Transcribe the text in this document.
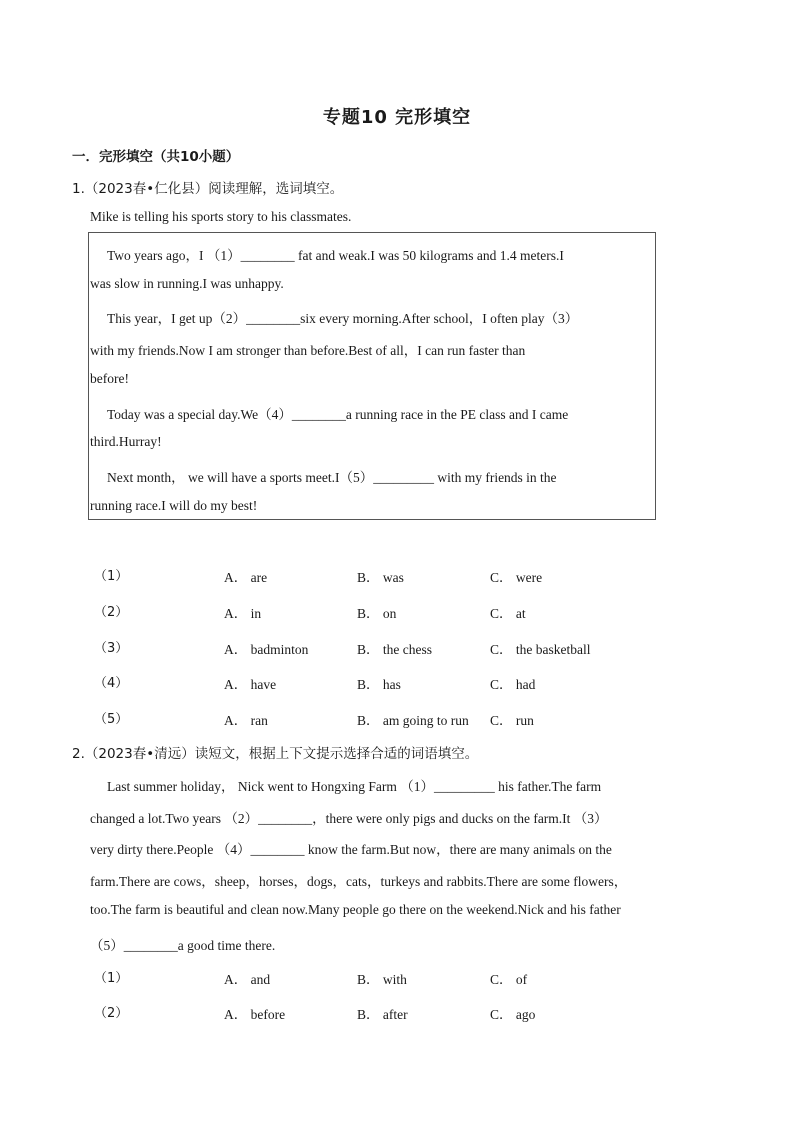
专题10 完形填空
一．完形填空（共10小题）
1.（2023春•仁化县）阅读理解，选词填空。
Mike is telling his sports story to his classmates.
Two years ago，I （1）________ fat and weak.I was 50 kilograms and 1.4 meters.I
was slow in running.I was unhappy.
This year，I get up（2）________six every morning.After school，I often play（3）
with my friends.Now I am stronger than before.Best of all，I can run faster than
before!
Today was a special day.We（4）________a running race in the PE class and I came
third.Hurray!
Next month， we will have a sports meet.I（5）_________ with my friends in the
running race.I will do my best!
（1）	A． are	B． was	C． were
（2）	A． in	B． on	C． at
（3）	A． badminton	B． the chess	C． the basketball
（4）	A． have	B． has	C． had
（5）	A． ran	B． am going to run C． run
2.（2023春•清远）读短文，根据上下文提示选择合适的词语填空。
Last summer holiday， Nick went to Hongxing Farm （1）_________ his father.The farm
changed a lot.Two years （2）________，there were only pigs and ducks on the farm.It （3）
very dirty there.People （4）________ know the farm.But now，there are many animals on the
farm.There are cows，sheep，horses，dogs，cats，turkeys and rabbits.There are some flowers，
too.The farm is beautiful and clean now.Many people go there on the weekend.Nick and his father
（5）________a good time there.
（1）	A． and	B． with	C． of
（2）	A． before	B． after	C． ago
